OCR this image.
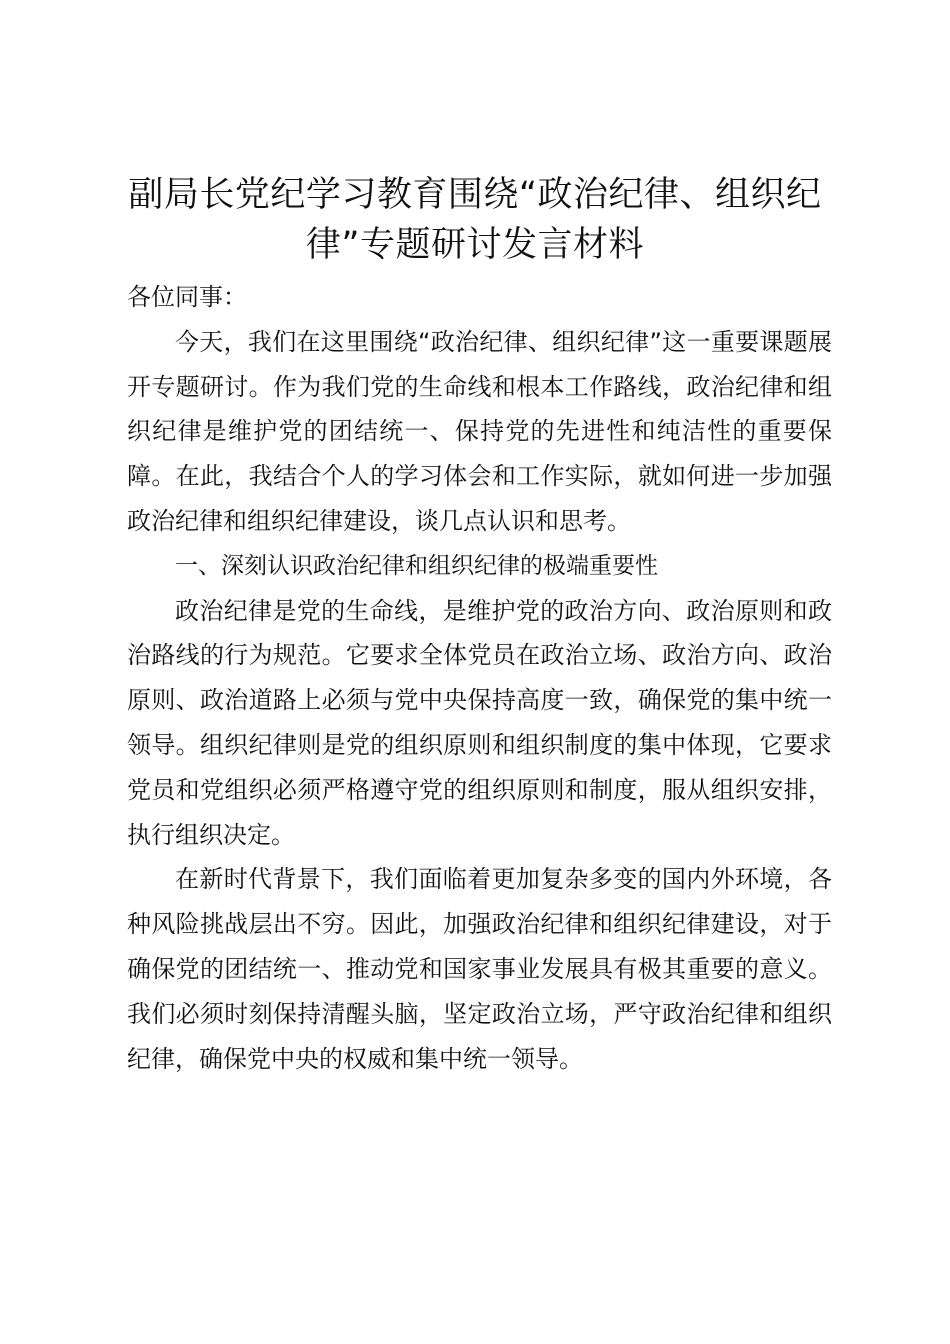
副局长党纪学习教育围绕“政治纪律、组织纪律”专题研讨发言材料

各位同事：

今天，我们在这里围绕“政治纪律、组织纪律”这一重要课题展开专题研讨。作为我们党的生命线和根本工作路线，政治纪律和组织纪律是维护党的团结统一、保持党的先进性和纯洁性的重要保障。在此，我结合个人的学习体会和工作实际，就如何进一步加强政治纪律和组织纪律建设，谈几点认识和思考。

一、深刻认识政治纪律和组织纪律的极端重要性

政治纪律是党的生命线，是维护党的政治方向、政治原则和政治路线的行为规范。它要求全体党员在政治立场、政治方向、政治原则、政治道路上必须与党中央保持高度一致，确保党的集中统一领导。组织纪律则是党的组织原则和组织制度的集中体现，它要求党员和党组织必须严格遵守党的组织原则和制度，服从组织安排，执行组织决定。

在新时代背景下，我们面临着更加复杂多变的国内外环境，各种风险挑战层出不穷。因此，加强政治纪律和组织纪律建设，对于确保党的团结统一、推动党和国家事业发展具有极其重要的意义。我们必须时刻保持清醒头脑，坚定政治立场，严守政治纪律和组织纪律，确保党中央的权威和集中统一领导。
